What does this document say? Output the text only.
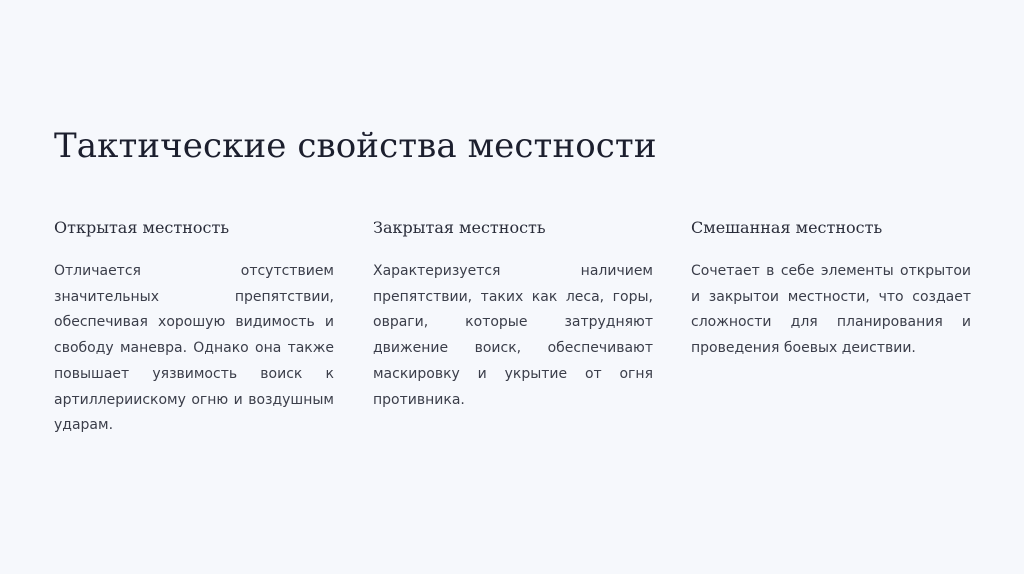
Тактические свойства местности
Открытая местность

Отличается отсутствием значительных препятствии, обеспечивая хорошую видимость и свободу маневра. Однако она также повышает уязвимость воиск к артиллериискому огню и воздушным ударам.

Закрытая местность

Характеризуется наличием препятствии, таких как леса, горы, овраги, которые затрудняют движение воиск, обеспечивают маскировку и укрытие от огня противника.

Смешанная местность

Сочетает в себе элементы открытои и закрытои местности, что создает сложности для планирования и проведения боевых деиствии.
